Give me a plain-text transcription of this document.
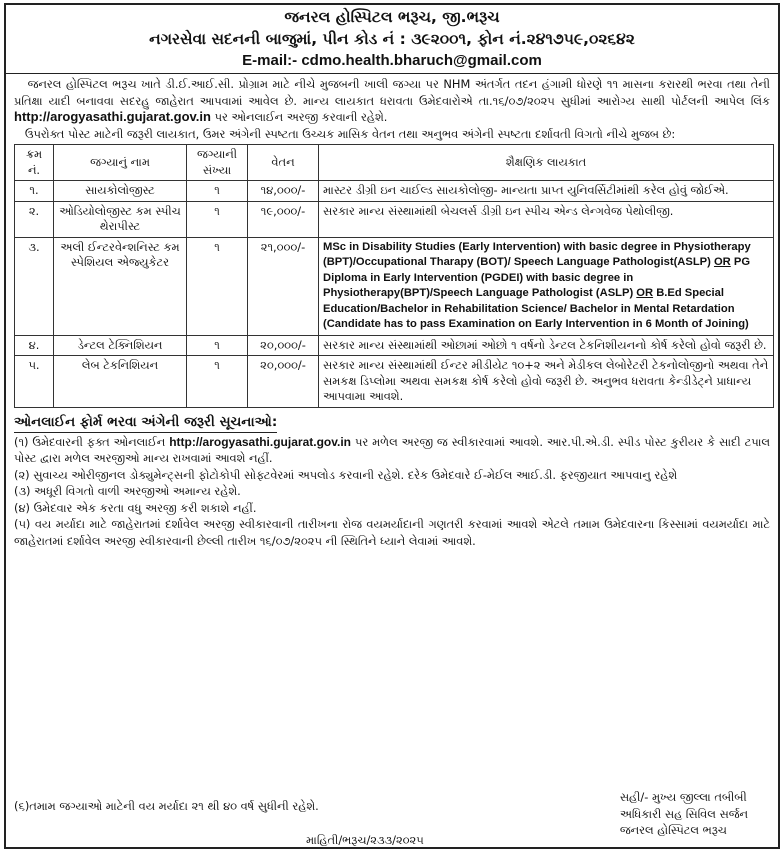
જનરલ હોસ્પિટલ ભરૂચ, જી.ભરૂચ
નગરસેવા સદનની બાજુમાં, પીન કોડ નં : ૩૯૨૦૦૧, ફોન નં.૨૪૧૭૫૯,૦૨૬૪૨
E-mail:- cdmo.health.bharuch@gmail.com
જનરલ હોસ્પિટલ ભરૂચ ખાતે ડી.ઈ.આઈ.સી. પ્રોગ્રામ માટે નીચે મુજબની ખાલી જગ્યા પર NHM અંતર્ગત તદન હંગામી ધોરણે ૧૧ માસના કરારથી ભરવા તથા તેની પ્રતિક્ષા યાદી બનાવવા સદરહુ જાહેરાત આપવામાં આવેલ છે. માન્ય લાયકાત ધરાવતા ઉમેદવારોએ તા.૧૬/૦૭/૨૦૨૫ સુધીમાં આરોગ્ય સાથી પોર્ટલની આપેલ લિંક http://arogyasathi.gujarat.gov.in પર ઓનલાઈન અરજી કરવાની રહેશે.
ઉપરોક્ત પોસ્ટ માટેની જરૂરી લાયકાત, ઉમર અંગેની સ્પષ્ટતા ઉચ્ચક માસિક વેતન તથા અનુભવ અંગેની સ્પષ્ટતા દર્શાવતી વિગતો નીચે મુજબ છે:
ક્રમ નં.	જગ્યાનું નામ	જગ્યાની સંખ્યા	વેતન	શૈક્ષણિક લાયકાત
૧.	સાયકોલોજીસ્ટ	૧	૧૪,૦૦૦/-	માસ્ટર ડીગ્રી ઇન ચાઈલ્ડ સાયકોલોજી- માન્યતા પ્રાપ્ત યુનિવર્સિટીમાંથી કરેલ હોવું જોઈએ.
૨.	ઓડિયોલોજીસ્ટ કમ સ્પીચ થેરાપીસ્ટ	૧	૧૯,૦૦૦/-	સરકાર માન્ય સંસ્થામાંથી બેચલર્સ ડીગ્રી ઇન સ્પીચ એન્ડ લેન્ગવેજ પેથોલીજી.
૩.	અલી ઈન્ટરવેન્શનિસ્ટ કમ સ્પેશિયલ એજ્યુકેટર	૧	૨૧,૦૦૦/-	MSc in Disability Studies (Early Intervention) with basic degree in Physiotherapy (BPT)/Occupational Tharapy (BOT)/ Speech Language Pathologist(ASLP) OR PG Diploma in Early Intervention (PGDEI) with basic degree in Physiotherapy(BPT)/Speech Language Pathologist (ASLP) OR B.Ed Special Education/Bachelor in Rehabilitation Science/ Bachelor in Mental Retardation (Candidate has to pass Examination on Early Intervention in 6 Month of Joining)
૪.	ડેન્ટલ ટેક્નિશિયન	૧	૨૦,૦૦૦/-	સરકાર માન્ય સંસ્થામાંથી ઓછામાં ઓછો ૧ વર્ષનો ડેન્ટલ ટેકનિશીયનનો કોર્ષ કરેલો હોવો જરૂરી છે.
૫.	લેબ ટેકનિશિયન	૧	૨૦,૦૦૦/-	સરકાર માન્ય સંસ્થામાંથી ઈન્ટર મીડીયેટ ૧૦+૨ અને મેડીકલ લેબોરેટરી ટેકનોલોજીનો અથવા તેને સમકક્ષ ડિપ્લોમા અથવા સમકક્ષ કોર્ષ કરેલો હોવો જરૂરી છે. અનુભવ ધરાવતા કેન્ડીડેટ્ને પ્રાધાન્ય આપવામા આવશે.
ઓનલાઈન ફોર્મ ભરવા અંગેની જરૂરી સૂચનાઓ:

(૧) ઉમેદવારની ફક્ત ઓનલાઈન http://arogyasathi.gujarat.gov.in પર મળેલ અરજી જ સ્વીકારવામાં આવશે. આર.પી.એ.ડી. સ્પીડ પોસ્ટ કુરીયર કે સાદી ટપાલ પોસ્ટ દ્વારા મળેલ અરજીઓ માન્ય રાખવામાં આવશે નહીં.

(૨) સુવાચ્ય ઓરીજીનલ ડોક્યુમેન્ટ્સની ફોટોકોપી સોફ્ટવેરમાં અપલોડ કરવાની રહેશે. દરેક ઉમેદવારે ઈ-મેઈલ આઈ.ડી. ફરજીયાત આપવાનુ રહેશે

(૩) અધૂરી વિગતો વાળી અરજીઓ અમાન્ય રહેશે.

(૪) ઉમેદવાર એક કરતા વધુ અરજી કરી શકાશે નહીં.

(૫) વય મર્યાદા માટે જાહેરાતમાં દર્શાવેલ અરજી સ્વીકારવાની તારીખના રોજ વયમર્યાદાની ગણતરી કરવામાં આવશે એટલે તમામ ઉમેદવારના કિસ્સામાં વયમર્યાદા માટે જાહેરાતમાં દર્શાવેલ અરજી સ્વીકારવાની છેલ્લી તારીખ ૧૬/૦૭/૨૦૨૫ ની સ્થિતિને ધ્યાને લેવામાં આવશે.

(૬)તમામ જગ્યાઓ માટેની વય મર્યાદા ૨૧ થી ૪૦ વર્ષ સુધીની રહેશે.
સહી/- મુખ્ય જીલ્લા તબીબી
અધિકારી સહ સિવિલ સર્જન
જનરલ હોસ્પિટલ ભરૂચ
માહિતી/ભરૂચ/૨૩૩/૨૦૨૫
